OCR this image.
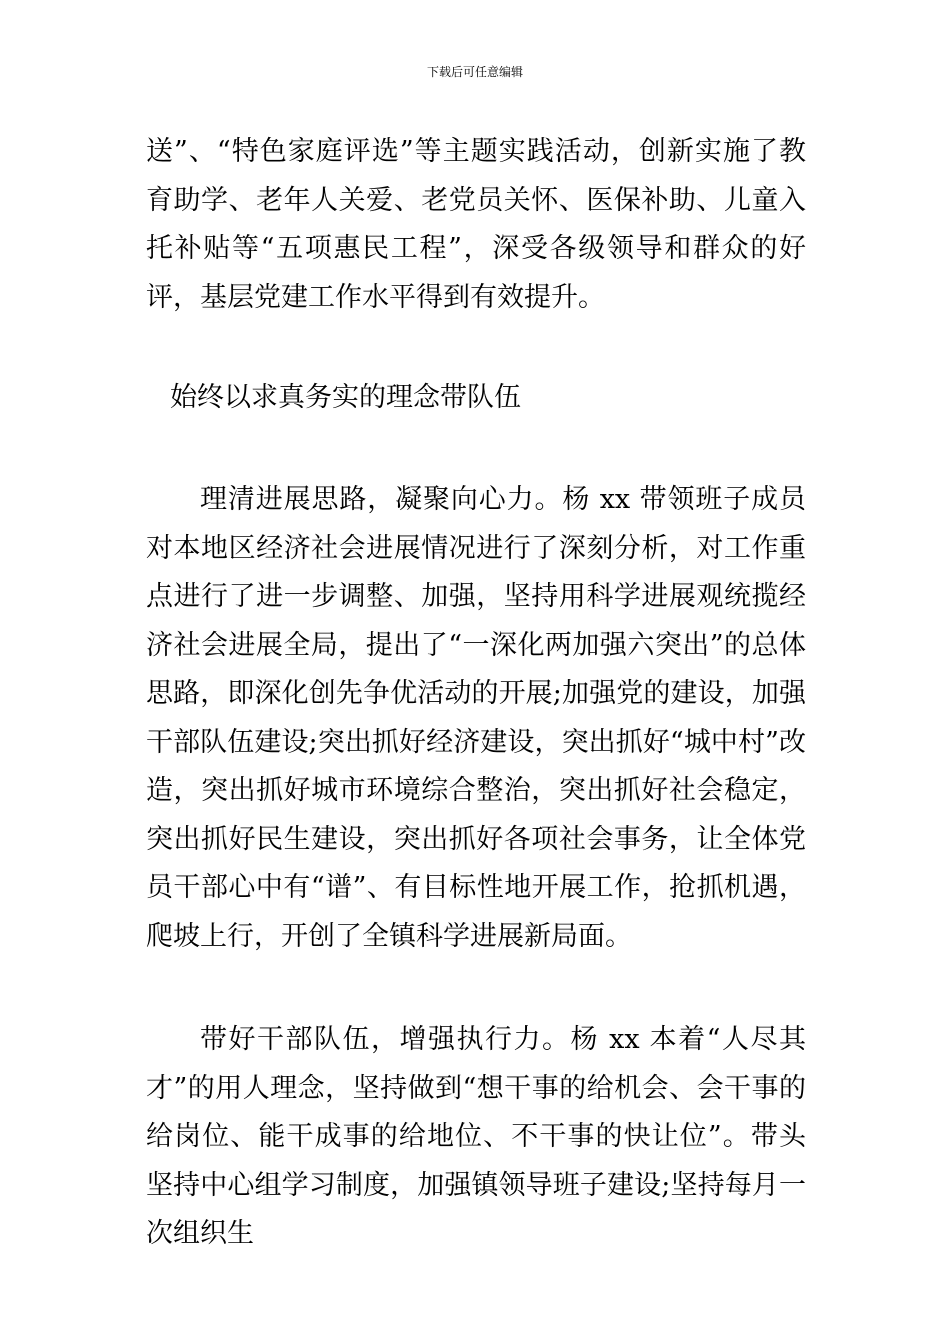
下载后可任意编辑

送”、“特色家庭评选”等主题实践活动，创新实施了教育助学、老年人关爱、老党员关怀、医保补助、儿童入托补贴等“五项惠民工程”，深受各级领导和群众的好评，基层党建工作水平得到有效提升。

始终以求真务实的理念带队伍

理清进展思路，凝聚向心力。杨 xx 带领班子成员对本地区经济社会进展情况进行了深刻分析，对工作重点进行了进一步调整、加强，坚持用科学进展观统揽经济社会进展全局，提出了“一深化两加强六突出”的总体思路，即深化创先争优活动的开展;加强党的建设，加强干部队伍建设;突出抓好经济建设，突出抓好“城中村”改造，突出抓好城市环境综合整治，突出抓好社会稳定，突出抓好民生建设，突出抓好各项社会事务，让全体党员干部心中有“谱”、有目标性地开展工作，抢抓机遇，爬坡上行，开创了全镇科学进展新局面。

带好干部队伍，增强执行力。杨 xx 本着“人尽其才”的用人理念，坚持做到“想干事的给机会、会干事的给岗位、能干成事的给地位、不干事的快让位”。带头坚持中心组学习制度，加强镇领导班子建设;坚持每月一次组织生
